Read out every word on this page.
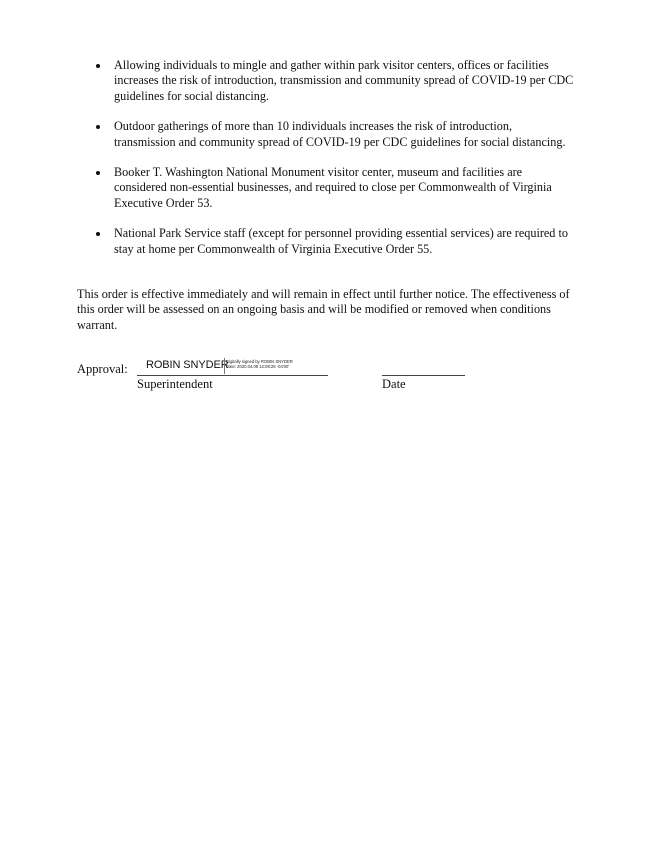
Allowing individuals to mingle and gather within park visitor centers, offices or facilities increases the risk of introduction, transmission and community spread of COVID-19 per CDC guidelines for social distancing.
Outdoor gatherings of more than 10 individuals increases the risk of introduction, transmission and community spread of COVID-19 per CDC guidelines for social distancing.
Booker T. Washington National Monument visitor center, museum and facilities are considered non-essential businesses, and required to close per Commonwealth of Virginia Executive Order 53.
National Park Service staff (except for personnel providing essential services) are required to stay at home per Commonwealth of Virginia Executive Order 55.

This order is effective immediately and will remain in effect until further notice. The effectiveness of this order will be assessed on an ongoing basis and will be modified or removed when conditions warrant.

Approval: ROBIN SNYDER
Digitally signed by ROBIN SNYDER
Date: 2020.04.09 12:08:28 -04'00'
Superintendent	Date
